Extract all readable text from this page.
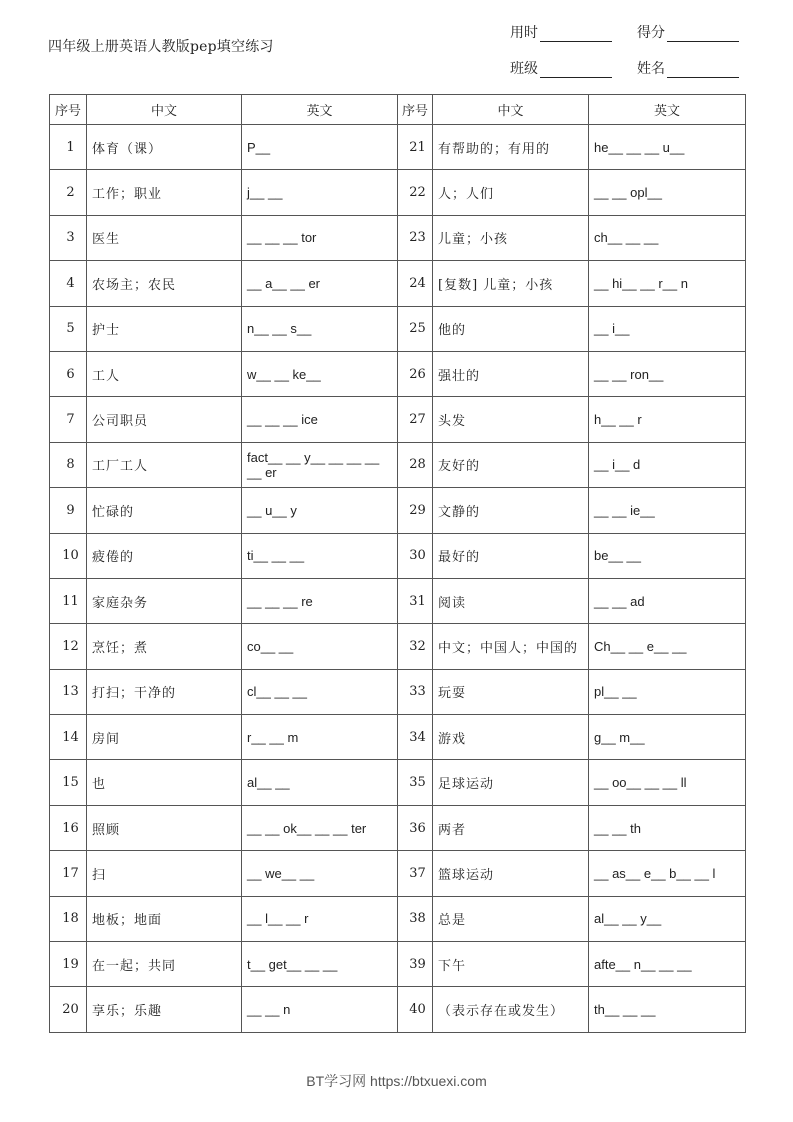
四年级上册英语人教版pep填空练习
用时	得分
班级	姓名
序号	中文	英文	序号	中文	英文
1	体育（课）	P__	21	有帮助的；有用的	he__ __ __ u__
2	工作；职业	j__ __	22	人；人们	__ __ opl__
3	医生	__ __ __ tor	23	儿童；小孩	ch__ __ __
4	农场主；农民	__ a__ __ er	24	[复数] 儿童；小孩	__ hi__ __ r__ n
5	护士	n__ __ s__	25	他的	__ i__
6	工人	w__ __ ke__	26	强壮的	__ __ ron__
7	公司职员	__ __ __ ice	27	头发	h__ __ r
8	工厂工人	fact__ __ y__ __ __ __ __ er	28	友好的	__ i__ d
9	忙碌的	__ u__ y	29	文静的	__ __ ie__
10	疲倦的	ti__ __ __	30	最好的	be__ __
11	家庭杂务	__ __ __ re	31	阅读	__ __ ad
12	烹饪；煮	co__ __	32	中文；中国人；中国的	Ch__ __ e__ __
13	打扫；干净的	cl__ __ __	33	玩耍	pl__ __
14	房间	r__ __ m	34	游戏	g__ m__
15	也	al__ __	35	足球运动	__ oo__ __ __ ll
16	照顾	__ __ ok__ __ __ ter	36	两者	__ __ th
17	扫	__ we__ __	37	篮球运动	__ as__ e__ b__ __ l
18	地板；地面	__ l__ __ r	38	总是	al__ __ y__
19	在一起；共同	t__ get__ __ __	39	下午	afte__ n__ __ __
20	享乐；乐趣	__ __ n	40	（表示存在或发生）	th__ __ __
BT学习网 https://btxuexi.com
